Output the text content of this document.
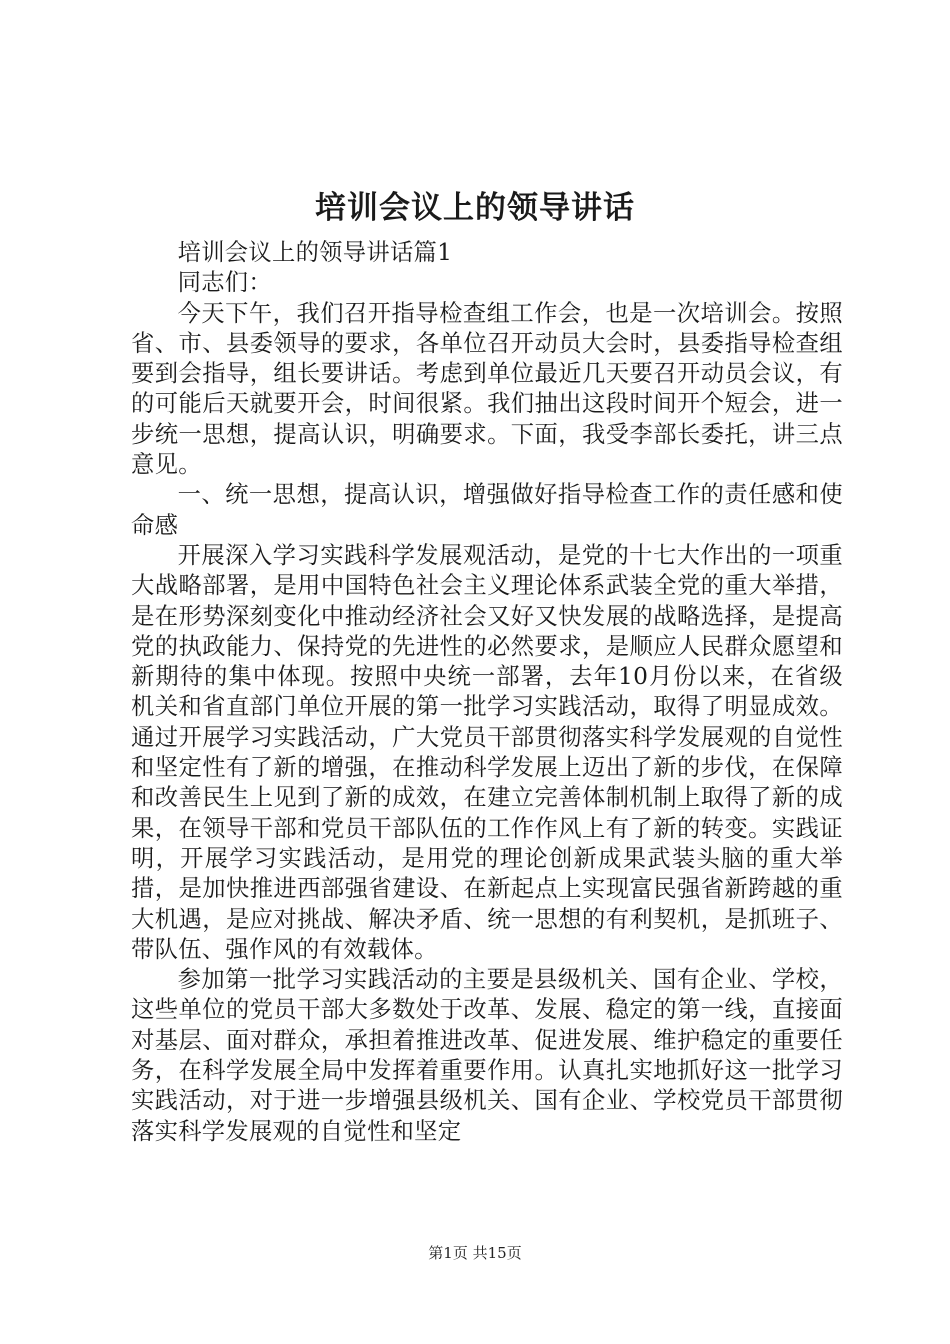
培训会议上的领导讲话

培训会议上的领导讲话篇1

同志们：

今天下午，我们召开指导检查组工作会，也是一次培训会。按照省、市、县委领导的要求，各单位召开动员大会时，县委指导检查组要到会指导，组长要讲话。考虑到单位最近几天要召开动员会议，有的可能后天就要开会，时间很紧。我们抽出这段时间开个短会，进一步统一思想，提高认识，明确要求。下面，我受李部长委托，讲三点意见。

一、统一思想，提高认识，增强做好指导检查工作的责任感和使命感

开展深入学习实践科学发展观活动，是党的十七大作出的一项重大战略部署，是用中国特色社会主义理论体系武装全党的重大举措，是在形势深刻变化中推动经济社会又好又快发展的战略选择，是提高党的执政能力、保持党的先进性的必然要求，是顺应人民群众愿望和新期待的集中体现。按照中央统一部署，去年10月份以来，在省级机关和省直部门单位开展的第一批学习实践活动，取得了明显成效。通过开展学习实践活动，广大党员干部贯彻落实科学发展观的自觉性和坚定性有了新的增强，在推动科学发展上迈出了新的步伐，在保障和改善民生上见到了新的成效，在建立完善体制机制上取得了新的成果，在领导干部和党员干部队伍的工作作风上有了新的转变。实践证明，开展学习实践活动，是用党的理论创新成果武装头脑的重大举措，是加快推进西部强省建设、在新起点上实现富民强省新跨越的重大机遇，是应对挑战、解决矛盾、统一思想的有利契机，是抓班子、带队伍、强作风的有效载体。

参加第一批学习实践活动的主要是县级机关、国有企业、学校，这些单位的党员干部大多数处于改革、发展、稳定的第一线，直接面对基层、面对群众，承担着推进改革、促进发展、维护稳定的重要任务，在科学发展全局中发挥着重要作用。认真扎实地抓好这一批学习实践活动，对于进一步增强县级机关、国有企业、学校党员干部贯彻落实科学发展观的自觉性和坚定

第1页 共15页
